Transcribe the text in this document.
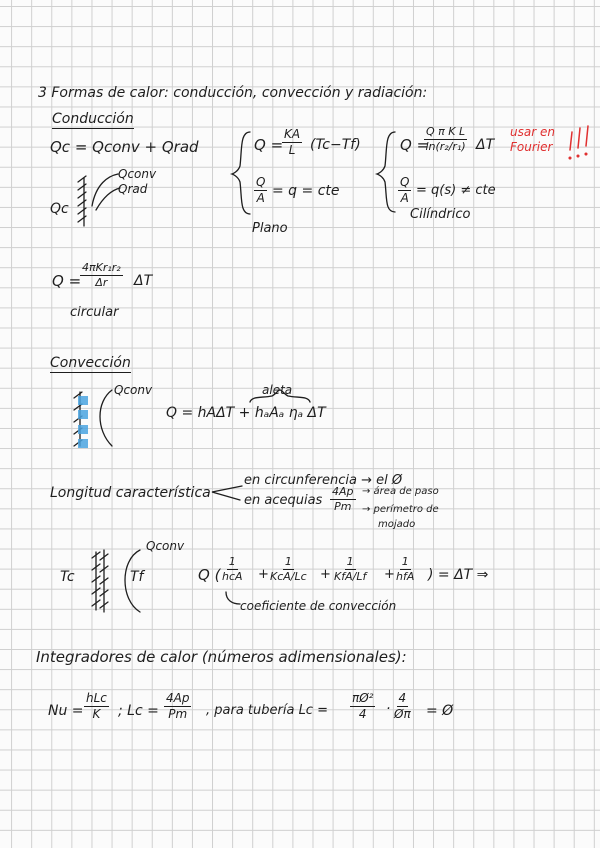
3 Formas de calor: conducción, convección y radiación:
Conducción
Qc = Qconv + Qrad
Qconv
Qrad
Qc
Q =
$\frac{KA}{L} (Tc-Tf)$
$\frac{Q}{A} = q$ = cte
Plano
Q =
$\frac{\text{Q π K L}}{\text{ln(r₂/r₁)}}$ ΔT
$\frac{Q}{A} = q(s)$ ≠ cte
Cilíndrico
usar en
Fourier
Q =
4πKr₁r₂
Δr ΔT
circular
Convección
Qconv	aleta
Q = hAΔT + hₐAₐ ηₐ ΔT
Longitud característica
en circunferencia → el Ø
en acequias $\frac{4Ap}{Pm}$ → área de paso
→ perímetro de
mojado
Tc	Tf
Qconv
Q (
1
hcA +
1
KcA/Lc +
1
KfA/Lf +
1
hfA ) = ΔT ⇒
coeficiente de convección
Integradores de calor (números adimensionales):
Nu =
hLc
K ; $Lc = \frac{4Ap}{Pm}$ , para tubería $Lc = \frac{\text{πØ²}}{4} \cdot \frac{4}{Ø\pi}$ = Ø
